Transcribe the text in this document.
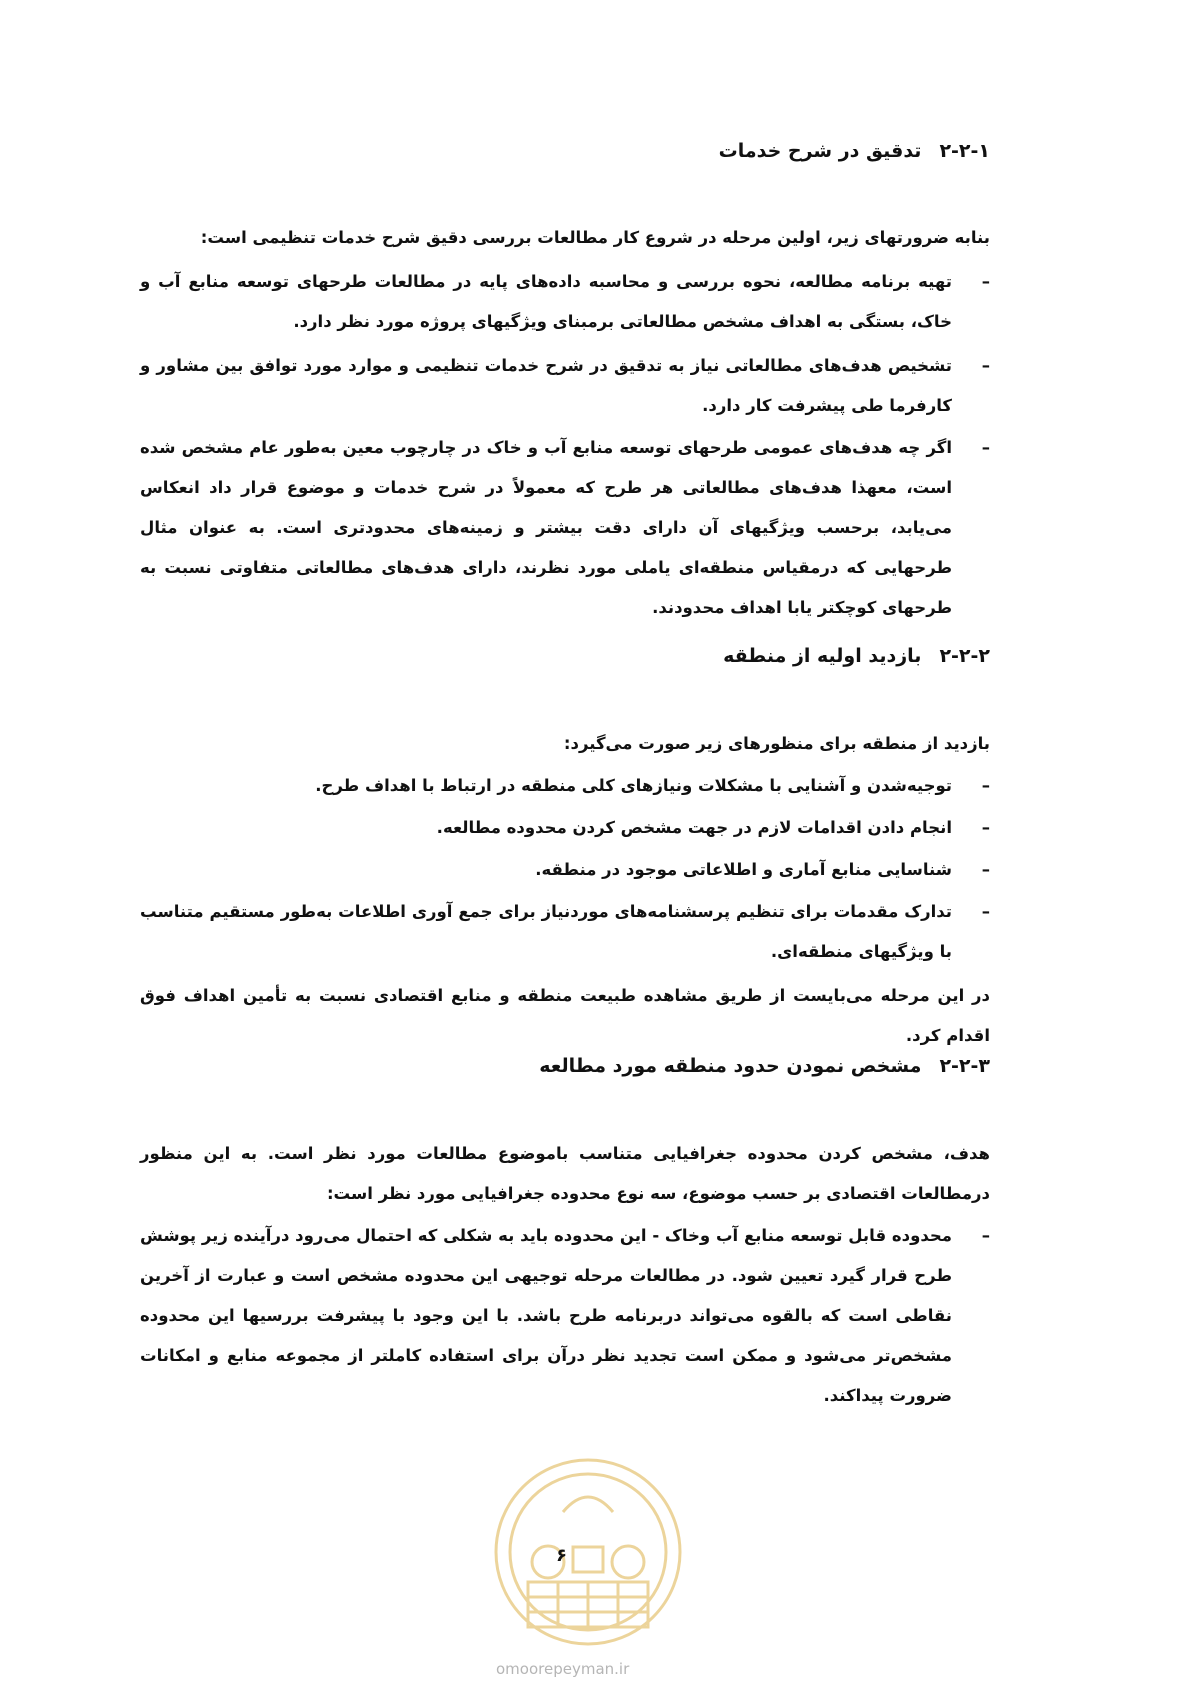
۲-۲-۱تدقیق در شرح خدمات
بنابه ضرورتهای زیر، اولین مرحله در شروع کار مطالعات بررسی دقیق شرح خدمات تنظیمی است:
–
تهیه برنامه مطالعه، نحوه بررسی و محاسبه داده‌های پایه در مطالعات طرحهای توسعه منابع آب و خاک، بستگی به اهداف مشخص مطالعاتی برمبنای ویژگیهای پروژه مورد نظر دارد.
–
تشخیص هدف‌های مطالعاتی نیاز به تدقیق در شرح خدمات تنظیمی و موارد مورد توافق بین مشاور و کارفرما طی پیشرفت کار دارد.
–
اگر چه هدف‌های عمومی طرحهای توسعه منابع آب و خاک در چارچوب معین به‌طور عام مشخص شده است، معهذا هدف‌های مطالعاتی هر طرح که معمولاً در شرح خدمات و موضوع قرار داد انعکاس می‌یابد، برحسب ویژگیهای آن دارای دقت بیشتر و زمینه‌های محدودتری است. به عنوان مثال طرحهایی که درمقیاس منطقه‌ای یاملی مورد نظرند، دارای هدف‌های مطالعاتی متفاوتی نسبت به طرحهای کوچکتر یابا اهداف محدودند.
۲-۲-۲بازدید اولیه از منطقه
بازدید از منطقه برای منظورهای زیر صورت می‌گیرد:
–
توجیه‌شدن و آشنایی با مشکلات ونیازهای کلی منطقه در ارتباط با اهداف طرح.
–
انجام دادن اقدامات لازم در جهت مشخص کردن محدوده مطالعه.
–
شناسایی منابع آماری و اطلاعاتی موجود در منطقه.
–
تدارک مقدمات برای تنظیم پرسشنامه‌های موردنیاز برای جمع آوری اطلاعات به‌طور مستقیم متناسب با ویژگیهای منطقه‌ای.
در این مرحله می‌بایست از طریق مشاهده طبیعت منطقه و منابع اقتصادی نسبت به تأمین اهداف فوق اقدام کرد.
۲-۲-۳مشخص نمودن حدود منطقه مورد مطالعه
هدف، مشخص کردن محدوده جغرافیایی متناسب باموضوع مطالعات مورد نظر است. به این منظور درمطالعات اقتصادی بر حسب موضوع، سه نوع محدوده جغرافیایی مورد نظر است:
–
محدوده قابل توسعه منابع آب وخاک - این محدوده باید به شکلی که احتمال می‌رود درآینده زیر پوشش طرح قرار گیرد تعیین شود. در مطالعات مرحله توجیهی این محدوده مشخص است و عبارت از آخرین نقاطی است که بالقوه می‌تواند دربرنامه طرح باشد. با این وجود با پیشرفت بررسیها این محدوده مشخص‌تر می‌شود و ممکن است تجدید نظر درآن برای استفاده کاملتر از مجموعه منابع و امکانات ضرورت پیداکند.
۶
omoorepeyman.ir
